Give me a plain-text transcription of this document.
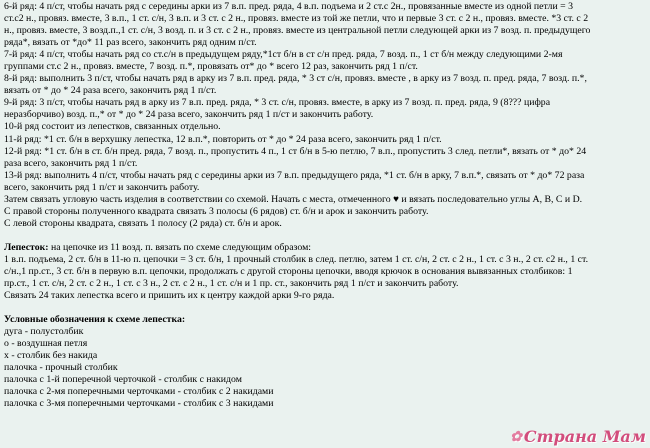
6-й ряд: 4 п/ст, чтобы начать ряд с середины арки из 7 в.п. пред. ряда, 4 в.п. подъема и 2 ст.с 2н., провязанные вместе из одной петли = 3
ст.с2 н., провяз. вместе, 3 в.п., 1 ст. с/н, 3 в.п. и 3 ст. с 2 н., провяз. вместе из той же петли, что и первые 3 ст. с 2 н., провяз. вместе. *3 ст. с 2
н., провяз. вместе, 3 возд.п.,1 ст. с/н, 3 возд. п. и 3 ст. с 2 н., провяз. вместе из центральной петли следующей арки из 7 возд. п. предыдущего
ряда*, вязать от *до* 11 раз всего, закончить ряд одним п/ст.
7-й ряд: 4 п/ст, чтобы начать ряд со ст.с/н в предыдущем ряду,*1ст б/н в ст с/н пред. ряда, 7 возд. п., 1 ст б/н между следующими 2-мя
группами ст.с 2 н., провяз. вместе, 7 возд. п.*, провязать от* до * всего 12 раз, закончить ряд 1 п/ст.
8-й ряд: выполнить 3 п/ст, чтобы начать ряд в арку из 7 в.п. пред. ряда, * 3 ст с/н, провяз. вместе , в арку из 7 возд. п. пред. ряда, 7 возд. п.*,
вязать от * до * 24 раза всего, закончить ряд 1 п/ст.
9-й ряд: 3 п/ст, чтобы начать ряд в арку из 7 в.п. пред. ряда, * 3 ст. с/н, провяз. вместе, в арку из 7 возд. п. пред. ряда, 9 (8??? цифра
неразборчиво) возд. п.,* от * до * 24 раза всего, закончить ряд 1 п/ст и закончить работу.
10-й ряд состоит из лепестков, связанных отдельно.
11-й ряд: *1 ст. б/н в верхушку лепестка, 12 в.п.*, повторить от * до * 24 раза всего, закончить ряд 1 п/ст.
12-й ряд: *1 ст. б/н в ст. б/н пред. ряда, 7 возд. п., пропустить 4 п., 1 ст б/н в 5-ю петлю, 7 в.п., пропустить 3 след. петли*, вязать от * до* 24
раза всего, закончить ряд 1 п/ст.
13-й ряд: выполнить 4 п/ст, чтобы начать ряд с середины арки из 7 в.п. предыдущего ряда, *1 ст. б/н в арку, 7 в.п.*, связать от * до* 72 раза
всего, закончить ряд 1 п/ст и закончить работу.
Затем связать угловую часть изделия в соответствии со схемой. Начать с места, отмеченного ♥ и вязать последовательно углы A, B, C и D.
С правой стороны полученного квадрата связать 3 полосы (6 рядов) ст. б/н и арок и закончить работу.
С левой стороны квадрата, связать 1 полосу (2 ряда) ст. б/н и арок.
Лепесток: на цепочке из 11 возд. п. вязать по схеме следующим образом:
1 в.п. подъема, 2 ст. б/н в 11-ю п. цепочки = 3 ст. б/н, 1 прочный столбик в след. петлю, затем 1 ст. с/н, 2 ст. с 2 н., 1 ст. с 3 н., 2 ст. с2 н., 1 ст.
с/н.,1 пр.ст., 3 ст. б/н в первую в.п. цепочки, продолжать с другой стороны цепочки, вводя крючок в основания вывязанных столбиков: 1
пр.ст., 1 ст. с/н, 2 ст. с 2 н., 1 ст. с 3 н., 2 ст. с 2 н., 1 ст. с/н и 1 пр. ст., закончить ряд 1 п/ст и закончить работу.
Связать 24 таких лепестка всего и пришить их к центру каждой арки 9-го ряда.
Условные обозначения к схеме лепестка:
дуга - полустолбик
о - воздушная петля
x - столбик без накида
палочка - прочный столбик
палочка с 1-й поперечной черточкой - столбик с накидом
палочка с 2-мя поперечными черточками - столбик с 2 накидами
палочка с 3-мя поперечными черточками - столбик с 3 накидами
✿ Страна Мам
